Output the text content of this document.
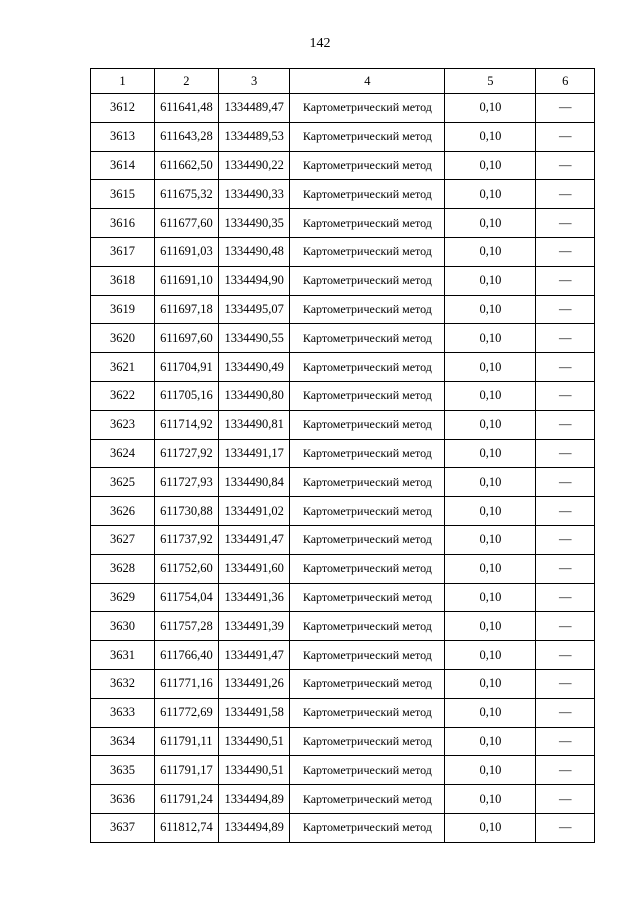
142
1	2	3	4	5	6
3612	611641,48	1334489,47	Картометрический метод	0,10	—
3613	611643,28	1334489,53	Картометрический метод	0,10	—
3614	611662,50	1334490,22	Картометрический метод	0,10	—
3615	611675,32	1334490,33	Картометрический метод	0,10	—
3616	611677,60	1334490,35	Картометрический метод	0,10	—
3617	611691,03	1334490,48	Картометрический метод	0,10	—
3618	611691,10	1334494,90	Картометрический метод	0,10	—
3619	611697,18	1334495,07	Картометрический метод	0,10	—
3620	611697,60	1334490,55	Картометрический метод	0,10	—
3621	611704,91	1334490,49	Картометрический метод	0,10	—
3622	611705,16	1334490,80	Картометрический метод	0,10	—
3623	611714,92	1334490,81	Картометрический метод	0,10	—
3624	611727,92	1334491,17	Картометрический метод	0,10	—
3625	611727,93	1334490,84	Картометрический метод	0,10	—
3626	611730,88	1334491,02	Картометрический метод	0,10	—
3627	611737,92	1334491,47	Картометрический метод	0,10	—
3628	611752,60	1334491,60	Картометрический метод	0,10	—
3629	611754,04	1334491,36	Картометрический метод	0,10	—
3630	611757,28	1334491,39	Картометрический метод	0,10	—
3631	611766,40	1334491,47	Картометрический метод	0,10	—
3632	611771,16	1334491,26	Картометрический метод	0,10	—
3633	611772,69	1334491,58	Картометрический метод	0,10	—
3634	611791,11	1334490,51	Картометрический метод	0,10	—
3635	611791,17	1334490,51	Картометрический метод	0,10	—
3636	611791,24	1334494,89	Картометрический метод	0,10	—
3637	611812,74	1334494,89	Картометрический метод	0,10	—
